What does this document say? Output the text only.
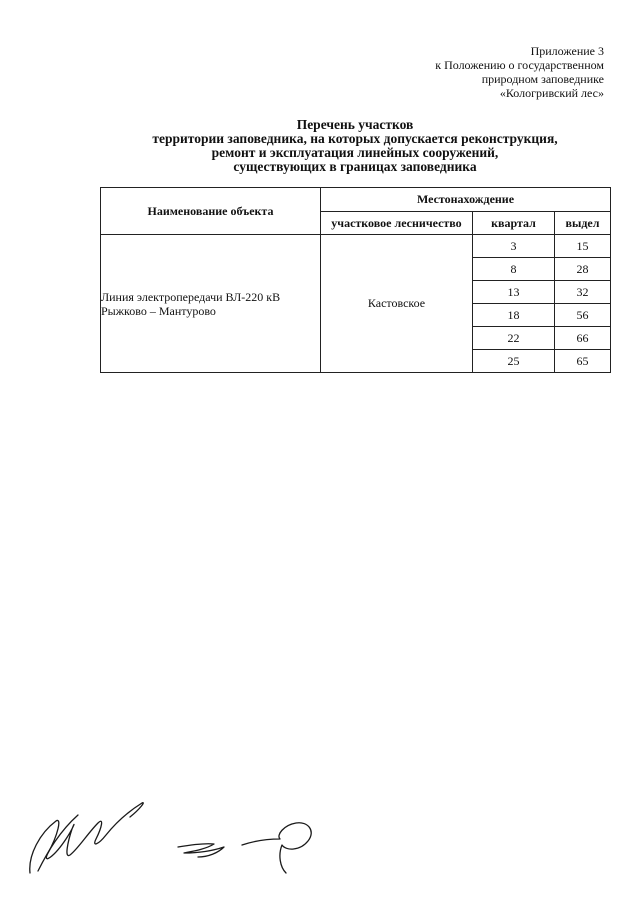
Приложение 3
к Положению о государственном
природном заповеднике
«Кологривский лес»
Перечень участков
территории заповедника, на которых допускается реконструкция,
ремонт и эксплуатация линейных сооружений,
существующих в границах заповедника
Наименование объекта	Местонахождение		
	участковое лесничество	квартал	выдел

Линия электропередачи ВЛ-220 кВ
Рыжково – Мантурово	Кастовское	3	15
		8	28
		13	32
		18	56
		22	66
		25	65
